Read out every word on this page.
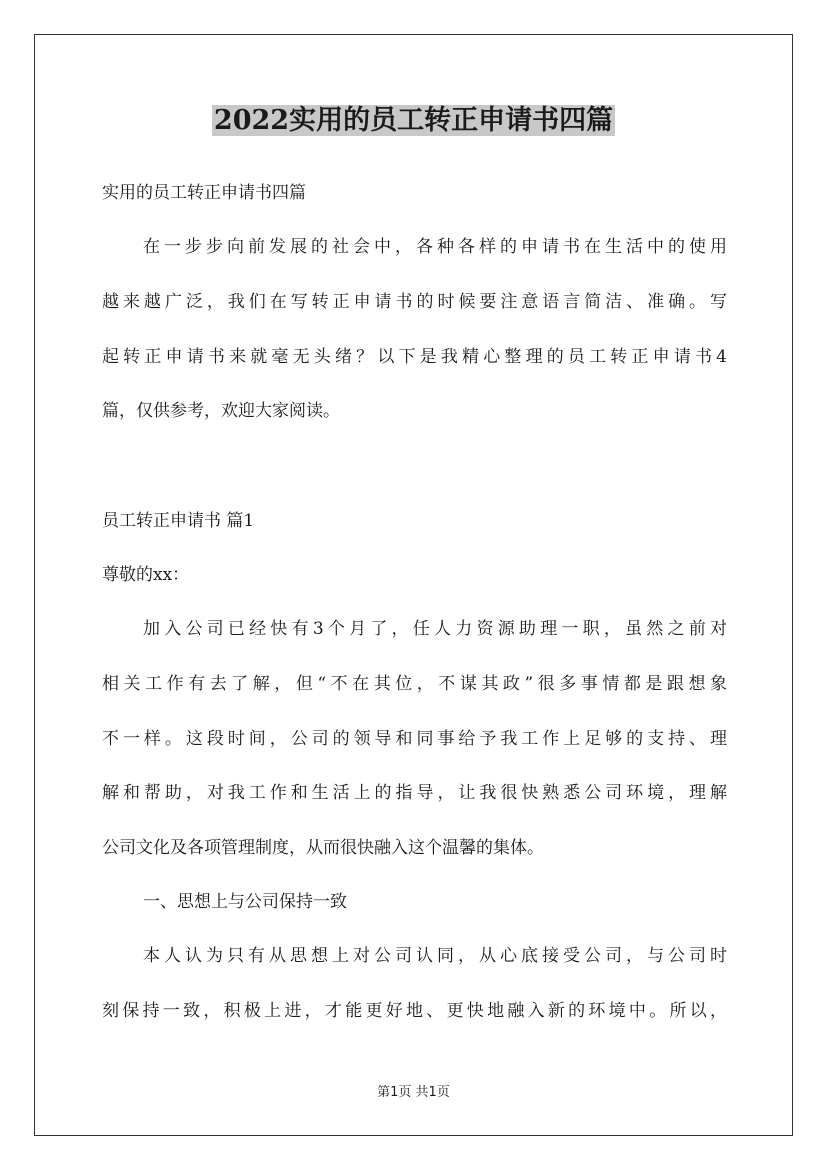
2022实用的员工转正申请书四篇
实用的员工转正申请书四篇
在一步步向前发展的社会中，各种各样的申请书在生活中的使用
越来越广泛，我们在写转正申请书的时候要注意语言简洁、准确。写
起转正申请书来就毫无头绪？以下是我精心整理的员工转正申请书4
篇，仅供参考，欢迎大家阅读。
员工转正申请书 篇1
尊敬的xx：
加入公司已经快有3个月了，任人力资源助理一职，虽然之前对
相关工作有去了解，但“不在其位，不谋其政”很多事情都是跟想象
不一样。这段时间，公司的领导和同事给予我工作上足够的支持、理
解和帮助，对我工作和生活上的指导，让我很快熟悉公司环境，理解
公司文化及各项管理制度，从而很快融入这个温馨的集体。
一、思想上与公司保持一致
本人认为只有从思想上对公司认同，从心底接受公司，与公司时
刻保持一致，积极上进，才能更好地、更快地融入新的环境中。所以，
第1页 共1页
